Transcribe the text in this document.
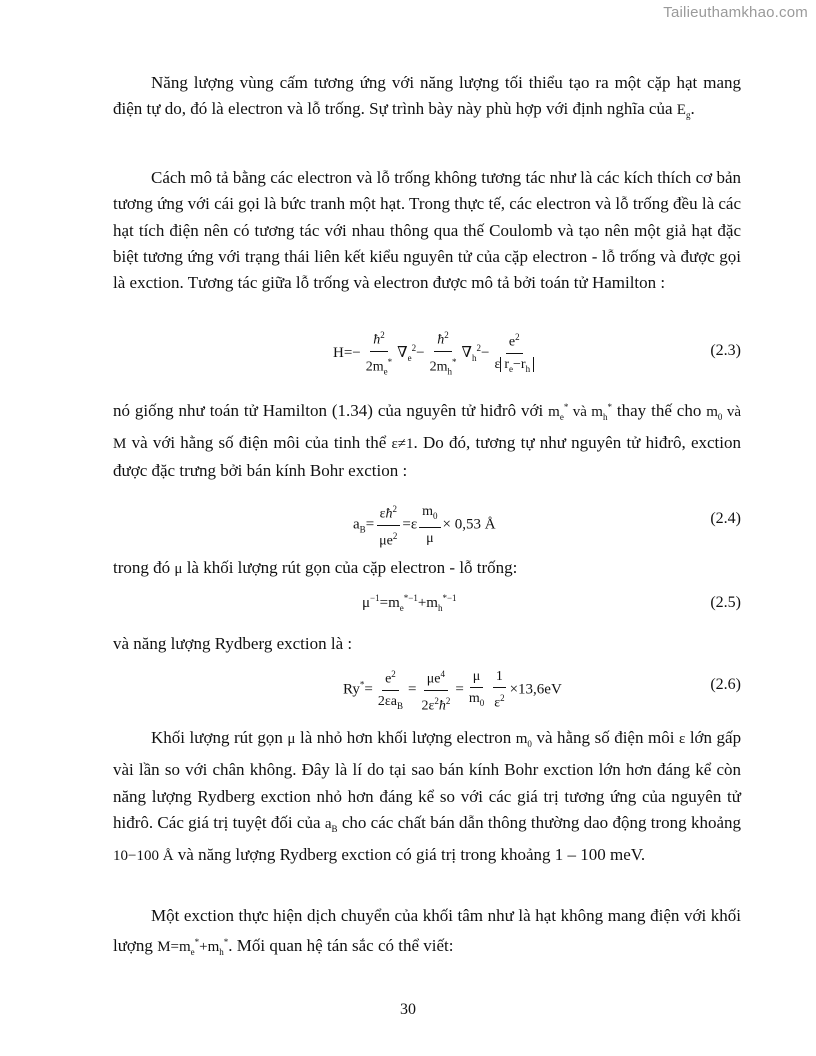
Tailieuthamkhao.com

Năng lượng vùng cấm tương ứng với năng lượng tối thiểu tạo ra một cặp hạt mang điện tự do, đó là electron và lỗ trống. Sự trình bày này phù hợp với định nghĩa của $E_g$.

Cách mô tả bằng các electron và lỗ trống không tương tác như là các kích thích cơ bản tương ứng với cái gọi là bức tranh một hạt. Trong thực tế, các electron và lỗ trống đều là các hạt tích điện nên có tương tác với nhau thông qua thế Coulomb và tạo nên một giả hạt đặc biệt tương ứng với trạng thái liên kết kiểu nguyên tử của cặp electron - lỗ trống và được gọi là exction. Tương tác giữa lỗ trống và electron được mô tả bởi toán tử Hamilton :

$H=- \frac{ħ^2}{2m_e^*} \nabla_e^2- \frac{ħ^2}{2m_h^*} \nabla_h^2- \frac{e^2}{\varepsilon r_e-r_h}$	(2.3)

nó giống như toán tử Hamilton (1.34) của nguyên tử hiđrô với $m_e^*$ và $m_h^*$ thay thế cho $m_0$ và M và với hằng số điện môi của tinh thể ε≠1. Do đó, tương tự như nguyên tử hiđrô, exction được đặc trưng bởi bán kính Bohr exction :

$a_B= \frac{\varepsilon ħ^2}{\mu e^2} =\varepsilon \frac{m_0}{\mu} \times 0,53$ Å	(2.4)

trong đó μ là khối lượng rút gọn của cặp electron - lỗ trống:

$\mu^{-1}=m_e^{*-1}+m_h^{*-1}$	(2.5)

và năng lượng Rydberg exction là :

$Ry^*= \frac{e^2}{2\varepsilon a_B} = \frac{\mu e^4}{2\varepsilon^2ħ^2} = \frac{\mu}{m_0} \frac{1}{\varepsilon^2} \times 13,6eV$	(2.6)

Khối lượng rút gọn μ là nhỏ hơn khối lượng electron $m_0$ và hằng số điện môi ε lớn gấp vài lần so với chân không. Đây là lí do tại sao bán kính Bohr exction lớn hơn đáng kể còn năng lượng Rydberg exction nhỏ hơn đáng kể so với các giá trị tương ứng của nguyên tử hiđrô. Các giá trị tuyệt đối của $a_B$ cho các chất bán dẫn thông thường dao động trong khoảng 10−100 Å và năng lượng Rydberg exction có giá trị trong khoảng 1 – 100 meV.

Một exction thực hiện dịch chuyển của khối tâm như là hạt không mang điện với khối lượng $M=m_e^*+m_h^*$. Mối quan hệ tán sắc có thể viết:

30
